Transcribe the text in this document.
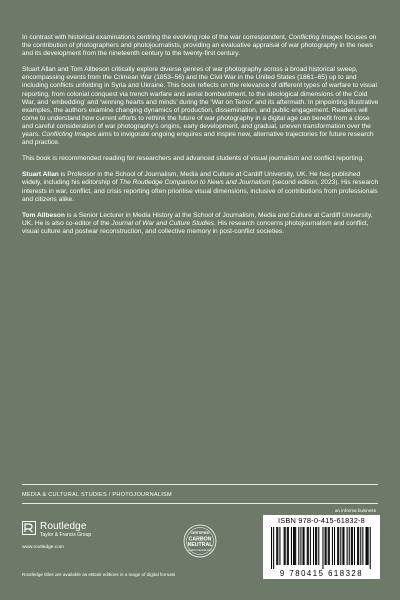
In contrast with historical examinations centring the evolving role of the war correspondent, Conflicting Images focuses on the contribution of photographers and photojournalists, providing an evaluative appraisal of war photography in the news and its development from the nineteenth century to the twenty-first century.

Stuart Allan and Tom Allbeson critically explore diverse genres of war photography across a broad historical sweep, encompassing events from the Crimean War (1853–56) and the Civil War in the United States (1861–65) up to and including conflicts unfolding in Syria and Ukraine. This book reflects on the relevance of different types of warfare to visual reporting, from colonial conquest via trench warfare and aerial bombardment, to the ideological dimensions of the Cold War, and ‘embedding’ and ‘winning hearts and minds’ during the ‘War on Terror’ and its aftermath. In pinpointing illustrative examples, the authors examine changing dynamics of production, dissemination, and public engagement. Readers will come to understand how current efforts to rethink the future of war photography in a digital age can benefit from a close and careful consideration of war photography’s origins, early development, and gradual, uneven transformation over the years. Conflicting Images aims to invigorate ongoing enquires and inspire new, alternative trajectories for future research and practice.

This book is recommended reading for researchers and advanced students of visual journalism and conflict reporting.

Stuart Allan is Professor in the School of Journalism, Media and Culture at Cardiff University, UK. He has published widely, including his editorship of The Routledge Companion to News and Journalism (second edition, 2023). His research interests in war, conflict, and crisis reporting often prioritise visual dimensions, inclusive of contributions from professionals and citizens alike.

Tom Allbeson is a Senior Lecturer in Media History at the School of Journalism, Media and Culture at Cardiff University, UK. He is also co-editor of the Journal of War and Culture Studies. His research concerns photojournalism and conflict, visual culture and postwar reconstruction, and collective memory in post-conflict societies.

MEDIA & CULTURAL STUDIES / PHOTOJOURNALISM
Routledge
Taylor & Francis Group
www.routledge.com
CERTIFIED
CARBON
NEUTRAL
Carbon Neutral.com
an informa business
ISBN 978-0-415-61832-8
9 780415 618328
Routledge titles are available as eBook editions in a range of digital formats
